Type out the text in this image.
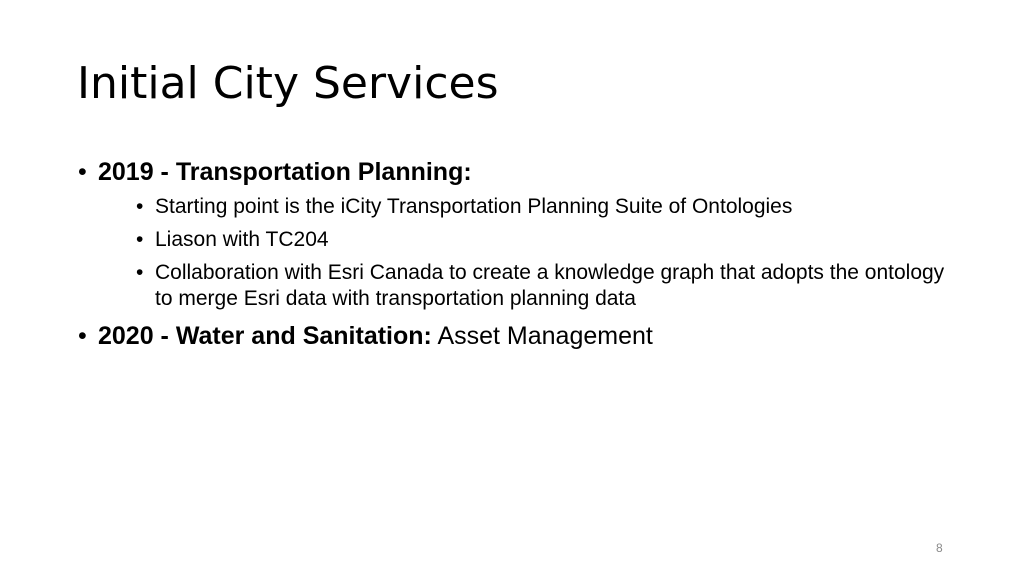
Initial City Services
• 2019 - Transportation Planning:
• Starting point is the iCity Transportation Planning Suite of Ontologies
• Liason with TC204
• Collaboration with Esri Canada to create a knowledge graph that adopts the ontology to merge Esri data with transportation planning data
• 2020 - Water and Sanitation: Asset Management
8
